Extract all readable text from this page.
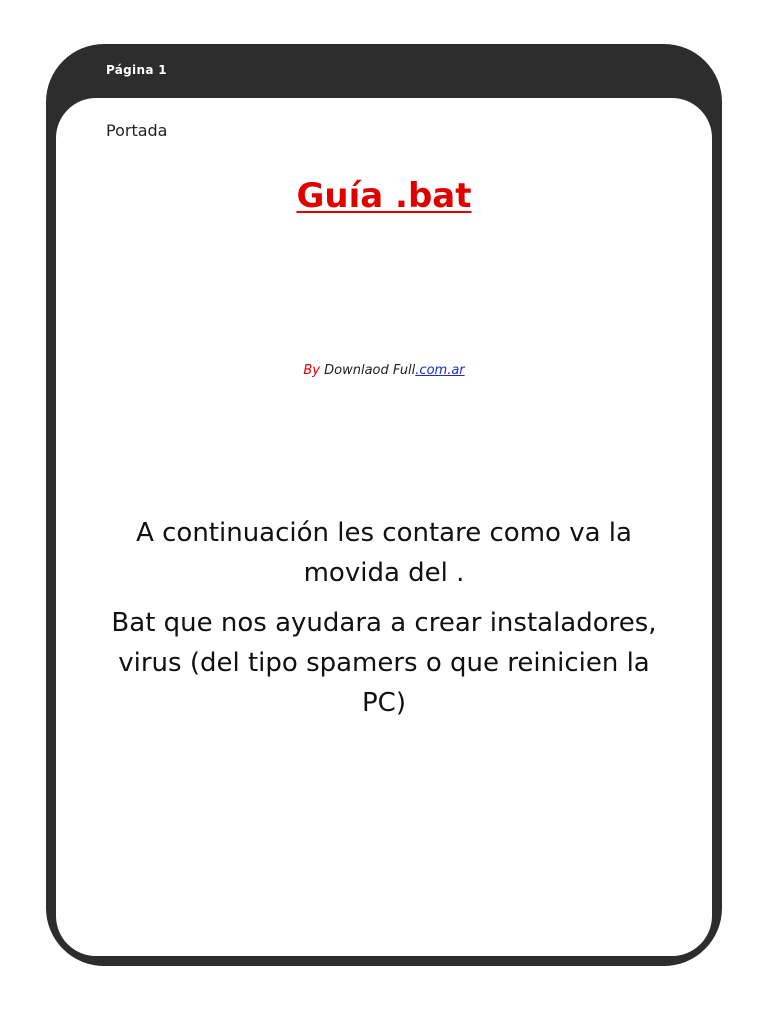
Página 1
Portada
Guía .bat
By Downlaod Full.com.ar

A continuación les contare como va la movida del .

Bat que nos ayudara a crear instaladores, virus (del tipo spamers o que reinicien la PC)
